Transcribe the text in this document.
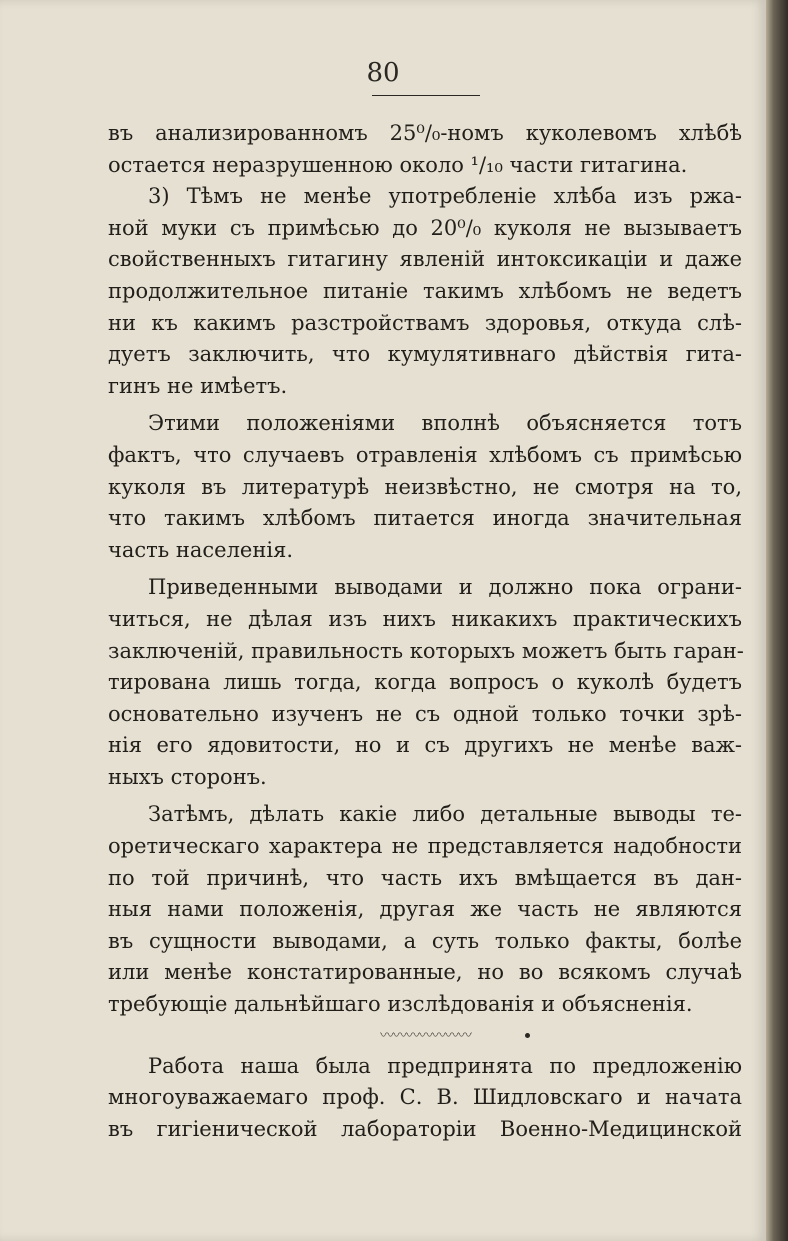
80
въ анализированномъ 25⁰/₀-номъ куколевомъ хлѣбѣ
остается неразрушенною около ¹/₁₀ части гитагина.
3) Тѣмъ не менѣе употребленіе хлѣба изъ ржа-
ной муки съ примѣсью до 20⁰/₀ куколя не вызываетъ
свойственныхъ гитагину явленій интоксикаціи и даже
продолжительное питаніе такимъ хлѣбомъ не ведетъ
ни къ какимъ разстройствамъ здоровья, откуда слѣ-
дуетъ заключить, что кумулятивнаго дѣйствія гита-
гинъ не имѣетъ.
Этими положеніями вполнѣ объясняется тотъ
фактъ, что случаевъ отравленія хлѣбомъ съ примѣсью
куколя въ литературѣ неизвѣстно, не смотря на то,
что такимъ хлѣбомъ питается иногда значительная
часть населенія.
Приведенными выводами и должно пока ограни-
читься, не дѣлая изъ нихъ никакихъ практическихъ
заключеній, правильность которыхъ можетъ быть гаран-
тирована лишь тогда, когда вопросъ о куколѣ будетъ
основательно изученъ не съ одной только точки зрѣ-
нія его ядовитости, но и съ другихъ не менѣе важ-
ныхъ сторонъ.
Затѣмъ, дѣлать какіе либо детальные выводы те-
оретическаго характера не представляется надобности
по той причинѣ, что часть ихъ вмѣщается въ дан-
ныя нами положенія, другая же часть не являются
въ сущности выводами, а суть только факты, болѣе
или менѣе констатированные, но во всякомъ случаѣ
требующіе дальнѣйшаго изслѣдованія и объясненія.
〰〰〰〰〰〰〰
Работа наша была предпринята по предложенію
многоуважаемаго проф. С. В. Шидловскаго и начата
въ гигіенической лабораторіи Военно-Медицинской
